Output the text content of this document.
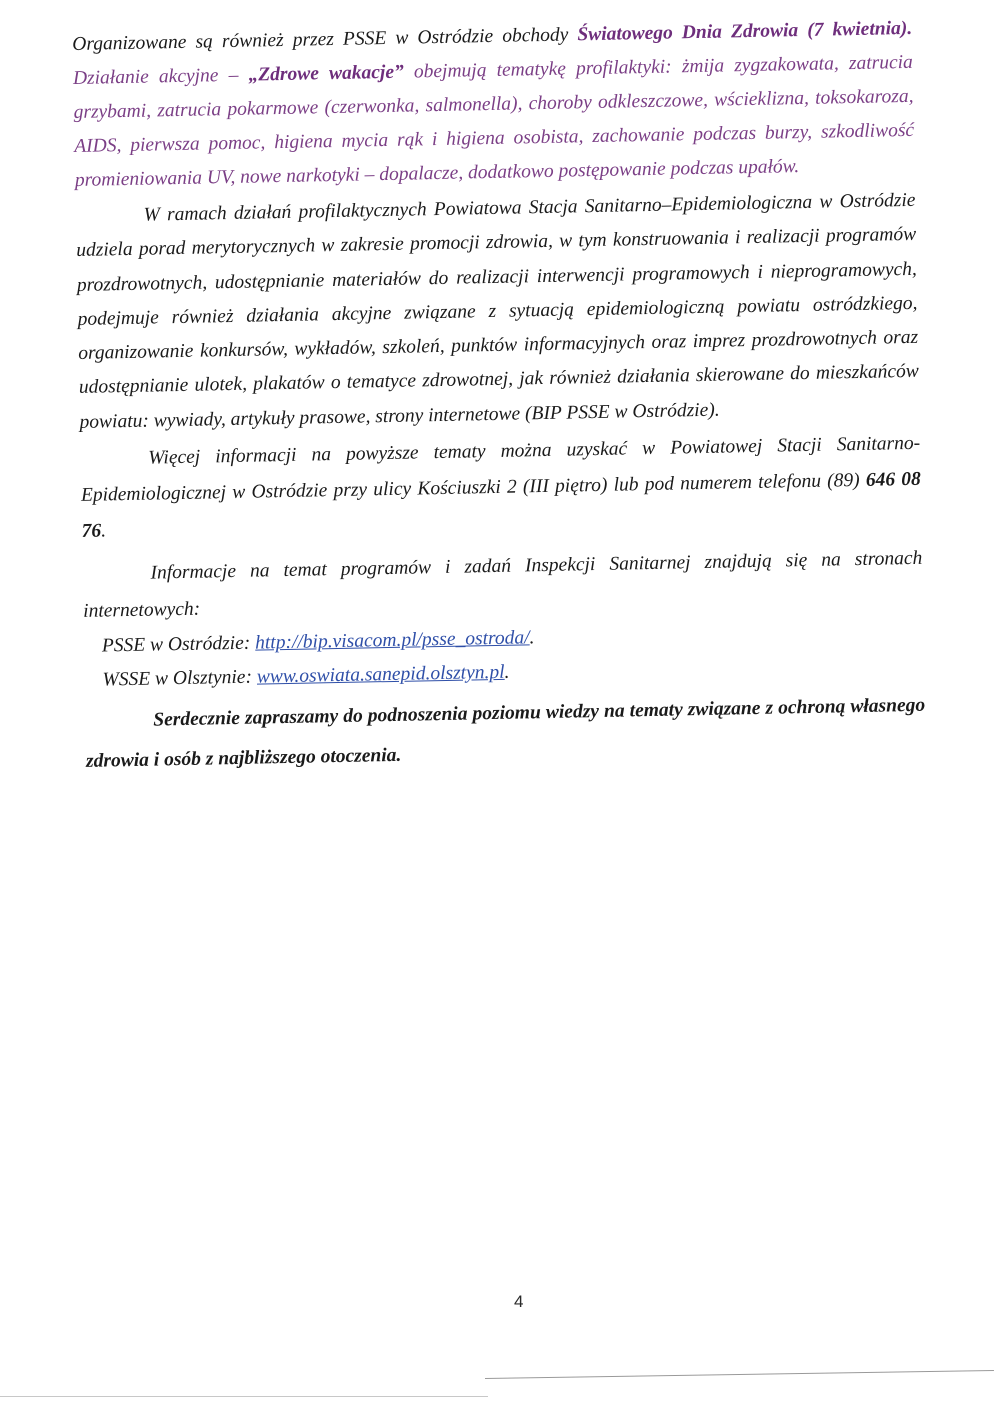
Organizowane są również przez PSSE w Ostródzie obchody Światowego Dnia Zdrowia (7 kwietnia). Działanie akcyjne – „Zdrowe wakacje” obejmują tematykę profilaktyki: żmija zygzakowata, zatrucia grzybami, zatrucia pokarmowe (czerwonka, salmonella), choroby odkleszczowe, wścieklizna, toksokaroza, AIDS, pierwsza pomoc, higiena mycia rąk i higiena osobista, zachowanie podczas burzy, szkodliwość promieniowania UV, nowe narkotyki – dopalacze, dodatkowo postępowanie podczas upałów.

W ramach działań profilaktycznych Powiatowa Stacja Sanitarno–Epidemiologiczna w Ostródzie udziela porad merytorycznych w zakresie promocji zdrowia, w tym konstruowania i realizacji programów prozdrowotnych, udostępnianie materiałów do realizacji interwencji programowych i nieprogramowych, podejmuje również działania akcyjne związane z sytuacją epidemiologiczną powiatu ostródzkiego, organizowanie konkursów, wykładów, szkoleń, punktów informacyjnych oraz imprez prozdrowotnych oraz udostępnianie ulotek, plakatów o tematyce zdrowotnej, jak również działania skierowane do mieszkańców powiatu: wywiady, artykuły prasowe, strony internetowe (BIP PSSE w Ostródzie).

Więcej informacji na powyższe tematy można uzyskać w Powiatowej Stacji Sanitarno-Epidemiologicznej w Ostródzie przy ulicy Kościuszki 2 (III piętro) lub pod numerem telefonu (89) 646 08 76.

Informacje na temat programów i zadań Inspekcji Sanitarnej znajdują się na stronach internetowych:

PSSE w Ostródzie: http://bip.visacom.pl/psse_ostroda/.
WSSE w Olsztynie: www.oswiata.sanepid.olsztyn.pl.

Serdecznie zapraszamy do podnoszenia poziomu wiedzy na tematy związane z ochroną własnego zdrowia i osób z najbliższego otoczenia.

4
